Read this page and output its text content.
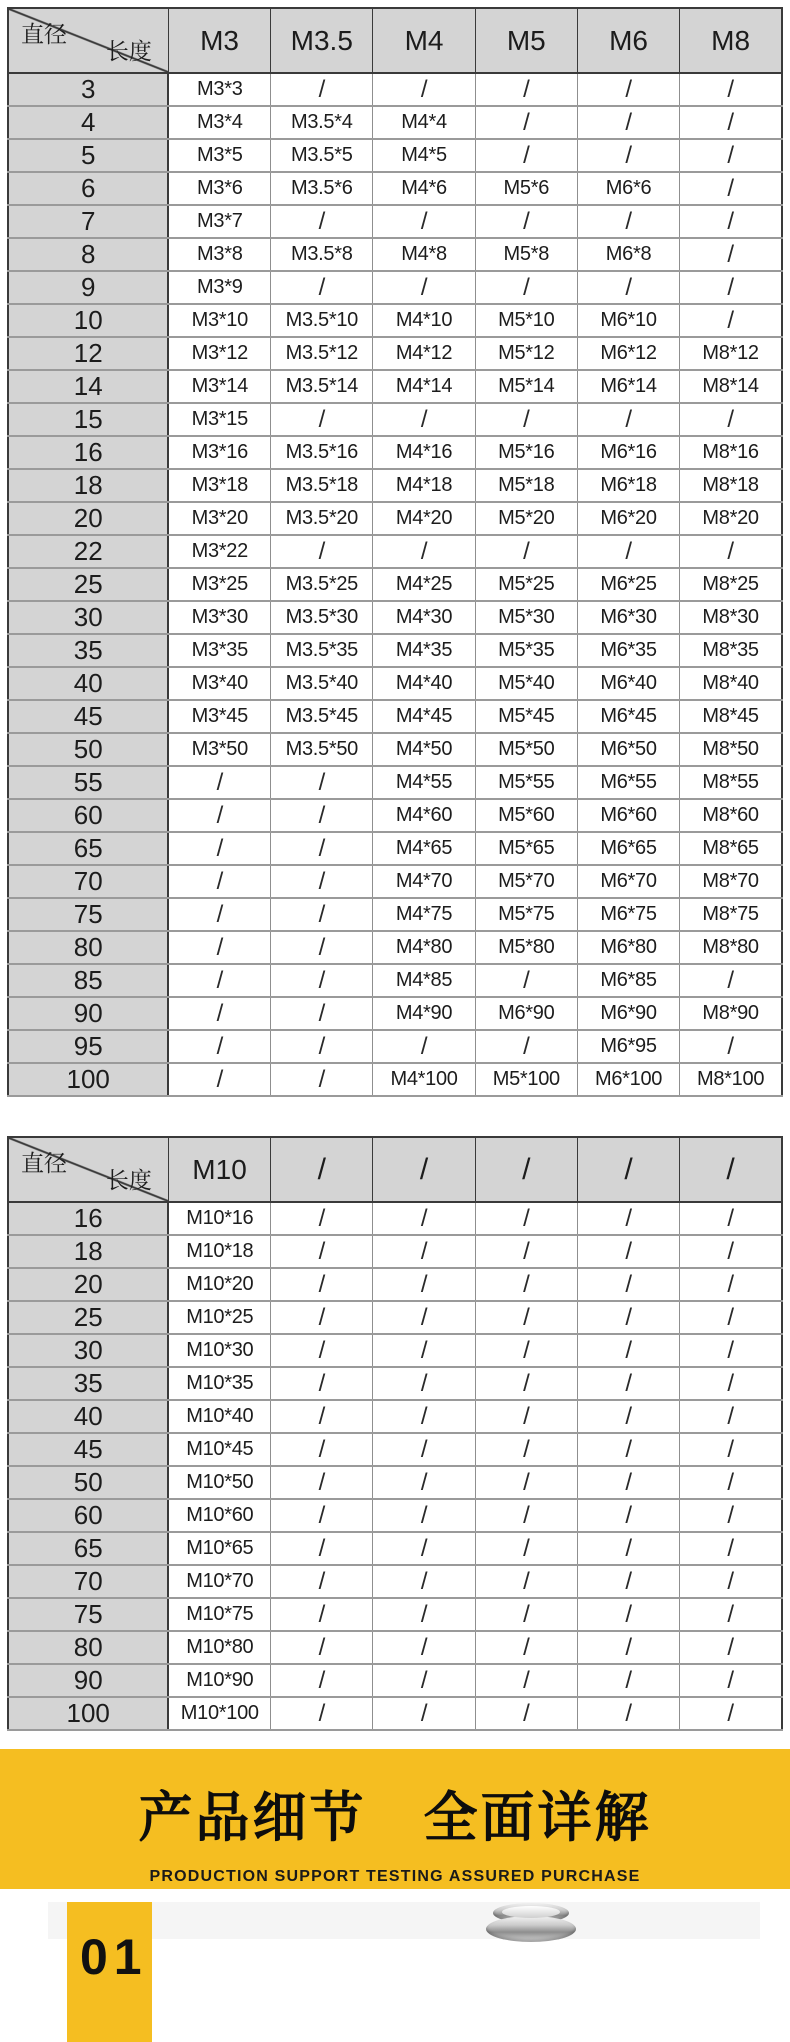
直径
长度	M3	M3.5	M4	M5	M6	M8
3	M3*3	/	/	/	/	/
4	M3*4	M3.5*4	M4*4	/	/	/
5	M3*5	M3.5*5	M4*5	/	/	/
6	M3*6	M3.5*6	M4*6	M5*6	M6*6	/
7	M3*7	/	/	/	/	/
8	M3*8	M3.5*8	M4*8	M5*8	M6*8	/
9	M3*9	/	/	/	/	/
10	M3*10	M3.5*10	M4*10	M5*10	M6*10	/
12	M3*12	M3.5*12	M4*12	M5*12	M6*12	M8*12
14	M3*14	M3.5*14	M4*14	M5*14	M6*14	M8*14
15	M3*15	/	/	/	/	/
16	M3*16	M3.5*16	M4*16	M5*16	M6*16	M8*16
18	M3*18	M3.5*18	M4*18	M5*18	M6*18	M8*18
20	M3*20	M3.5*20	M4*20	M5*20	M6*20	M8*20
22	M3*22	/	/	/	/	/
25	M3*25	M3.5*25	M4*25	M5*25	M6*25	M8*25
30	M3*30	M3.5*30	M4*30	M5*30	M6*30	M8*30
35	M3*35	M3.5*35	M4*35	M5*35	M6*35	M8*35
40	M3*40	M3.5*40	M4*40	M5*40	M6*40	M8*40
45	M3*45	M3.5*45	M4*45	M5*45	M6*45	M8*45
50	M3*50	M3.5*50	M4*50	M5*50	M6*50	M8*50
55	/	/	M4*55	M5*55	M6*55	M8*55
60	/	/	M4*60	M5*60	M6*60	M8*60
65	/	/	M4*65	M5*65	M6*65	M8*65
70	/	/	M4*70	M5*70	M6*70	M8*70
75	/	/	M4*75	M5*75	M6*75	M8*75
80	/	/	M4*80	M5*80	M6*80	M8*80
85	/	/	M4*85	/	M6*85	/
90	/	/	M4*90	M6*90	M6*90	M8*90
95	/	/	/	/	M6*95	/
100	/	/	M4*100	M5*100	M6*100	M8*100
直径
长度	M10	/	/	/	/	/
16	M10*16	/	/	/	/	/
18	M10*18	/	/	/	/	/
20	M10*20	/	/	/	/	/
25	M10*25	/	/	/	/	/
30	M10*30	/	/	/	/	/
35	M10*35	/	/	/	/	/
40	M10*40	/	/	/	/	/
45	M10*45	/	/	/	/	/
50	M10*50	/	/	/	/	/
60	M10*60	/	/	/	/	/
65	M10*65	/	/	/	/	/
70	M10*70	/	/	/	/	/
75	M10*75	/	/	/	/	/
80	M10*80	/	/	/	/	/
90	M10*90	/	/	/	/	/
100	M10*100	/	/	/	/	/
产品细节　全面详解
PRODUCTION SUPPORT TESTING ASSURED PURCHASE
01
